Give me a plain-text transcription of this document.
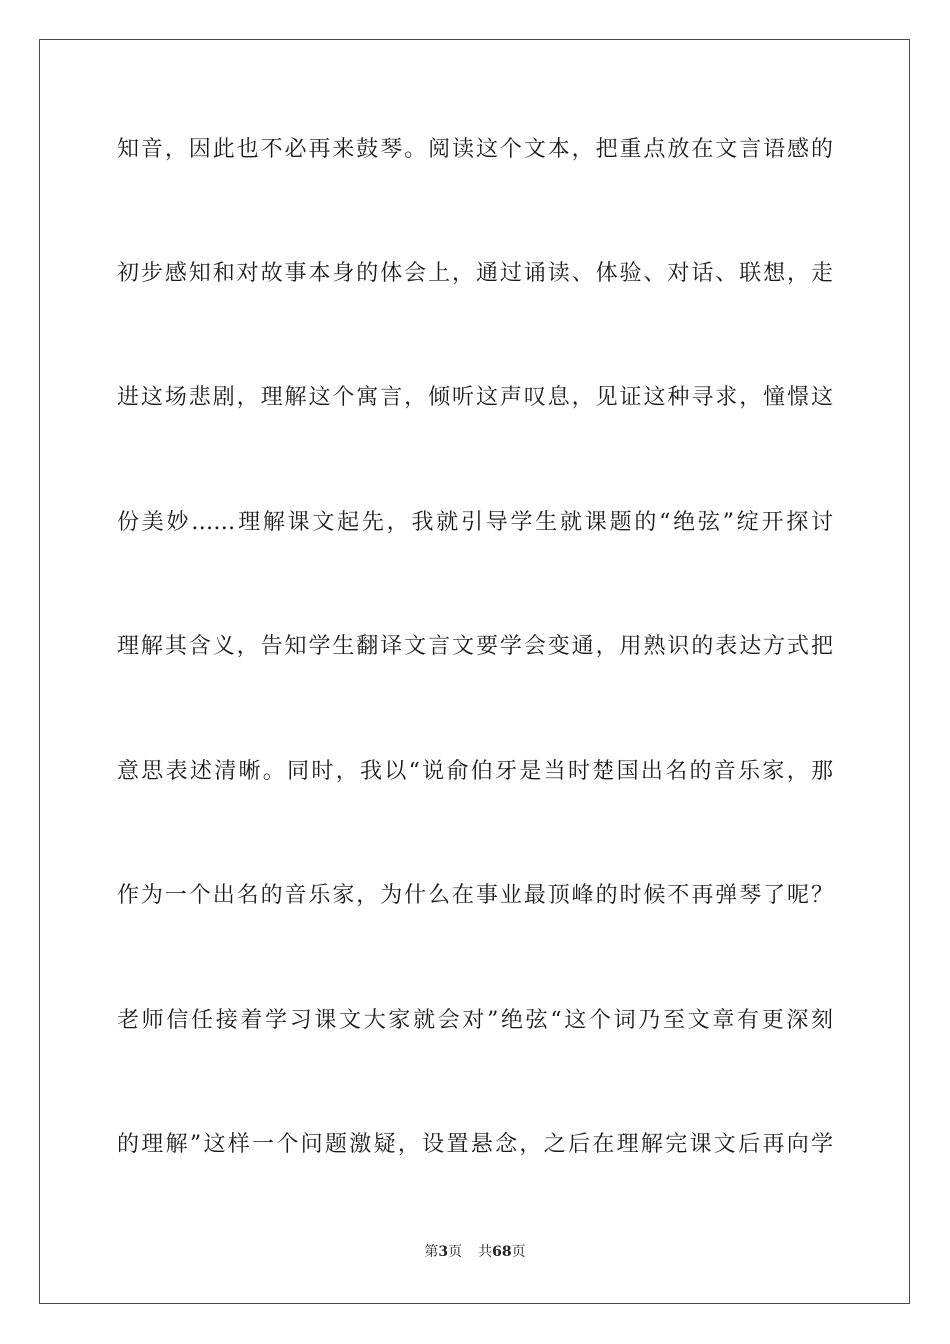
知音，因此也不必再来鼓琴。阅读这个文本，把重点放在文言语感的
初步感知和对故事本身的体会上，通过诵读、体验、对话、联想，走
进这场悲剧，理解这个寓言，倾听这声叹息，见证这种寻求，憧憬这
份美妙……理解课文起先，我就引导学生就课题的“绝弦”绽开探讨
理解其含义，告知学生翻译文言文要学会变通，用熟识的表达方式把
意思表述清晰。同时，我以“说俞伯牙是当时楚国出名的音乐家，那
作为一个出名的音乐家，为什么在事业最顶峰的时候不再弹琴了呢？
老师信任接着学习课文大家就会对”绝弦“这个词乃至文章有更深刻
的理解”这样一个问题激疑，设置悬念，之后在理解完课文后再向学
第3页 共68页
